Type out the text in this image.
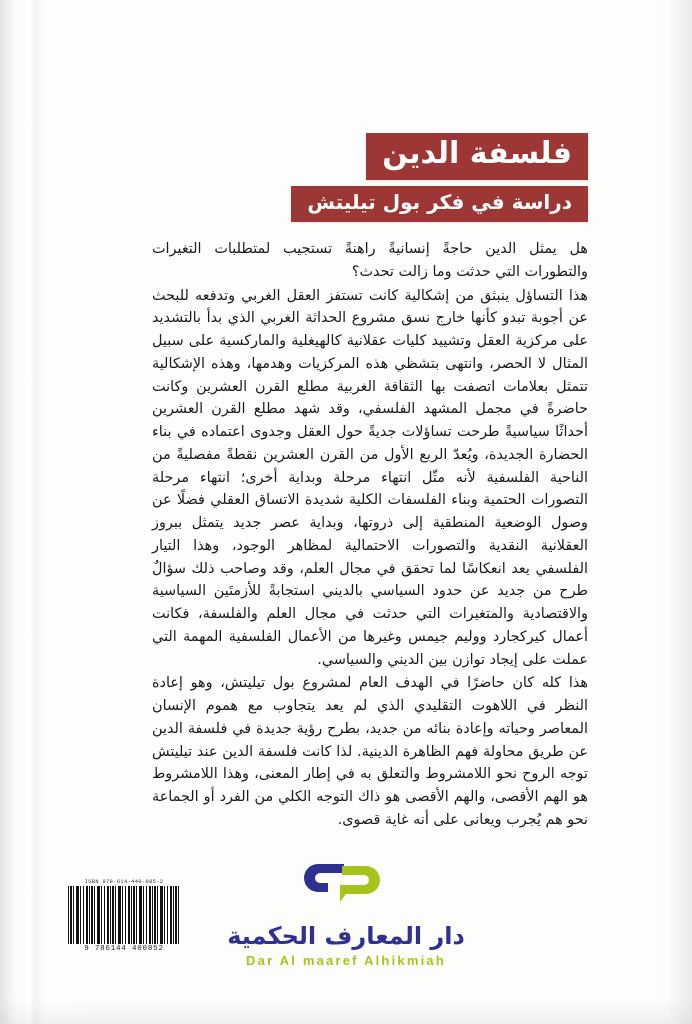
فلسفة الدين
دراسة في فكر بول تيليتش

هل يمثل الدين حاجةً إنسانيةً راهنةً تستجيب لمتطلبات التغيرات والتطورات التي حدثت وما زالت تحدث؟

هذا التساؤل ينبثق من إشكالية كانت تستفز العقل الغربي وتدفعه للبحث عن أجوبة تبدو كأنها خارج نسق مشروع الحداثة الغربي الذي بدأ بالتشديد على مركزية العقل وتشييد كليات عقلانية كالهيغلية والماركسية على سبيل المثال لا الحصر، وانتهى بتشظي هذه المركزيات وهدمها، وهذه الإشكالية تتمثل بعلامات اتصفت بها الثقافة الغربية مطلع القرن العشرين وكانت حاضرةً في مجمل المشهد الفلسفي، وقد شهد مطلع القرن العشرين أحداثًا سياسيةً طرحت تساؤلات جديةً حول العقل وجدوى اعتماده في بناء الحضارة الجديدة، ويُعدّ الربع الأول من القرن العشرين نقطةً مفصليةً من الناحية الفلسفية لأنه مثّل انتهاء مرحلة وبداية أخرى؛ انتهاء مرحلة التصورات الحتمية وبناء الفلسفات الكلية شديدة الاتساق العقلي فضلًا عن وصول الوضعية المنطقية إلى ذروتها، وبداية عصر جديد يتمثل ببروز العقلانية النقدية والتصورات الاحتمالية لمظاهر الوجود، وهذا التيار الفلسفي يعد انعكاسًا لما تحقق في مجال العلم، وقد وصاحب ذلك سؤالٌ طرح من جديد عن حدود السياسي بالديني استجابةً للأزمتَين السياسية والاقتصادية والمتغيرات التي حدثت في مجال العلم والفلسفة، فكانت أعمال كيركجارد ووليم جيمس وغيرها من الأعمال الفلسفية المهمة التي عملت على إيجاد توازن بين الديني والسياسي.

هذا كله كان حاضرًا في الهدف العام لمشروع بول تيليتش، وهو إعادة النظر في اللاهوت التقليدي الذي لم يعد يتجاوب مع هموم الإنسان المعاصر وحياته وإعادة بنائه من جديد، بطرح رؤية جديدة في فلسفة الدين عن طريق محاولة فهم الظاهرة الدينية. لذا كانت فلسفة الدين عند تيليتش توجه الروح نحو اللامشروط والتعلق به في إطار المعنى، وهذا اللامشروط هو الهم الأقصى، والهم الأقصى هو ذاك التوجه الكلي من الفرد أو الجماعة نحو هم يُجرب ويعانى على أنه غاية قصوى.

دار المعارف الحكمية
Dar Al maaref Alhikmiah
ISBN 978-614-440-085-2
9 786144 400852
